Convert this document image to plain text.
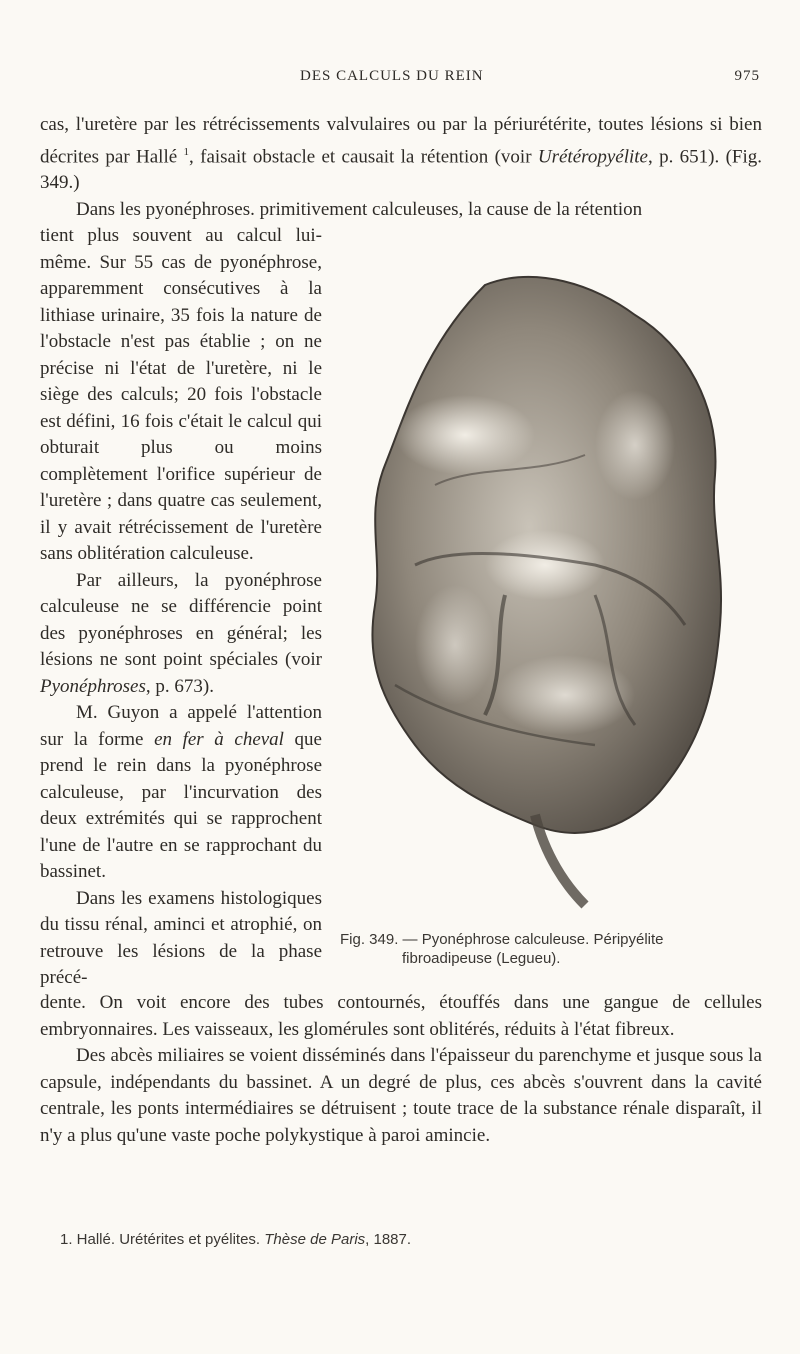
DES CALCULS DU REIN	975

cas, l'uretère par les rétrécissements valvulaires ou par la périurétérite, toutes lésions si bien décrites par Hallé $^1$, faisait obstacle et causait la rétention (voir Urétéropyélite, p. 651). (Fig. 349.)

Dans les pyonéphroses. primitivement calculeuses, la cause de la rétention

tient plus souvent au calcul lui-même. Sur 55 cas de pyonéphrose, apparemment consécutives à la lithiase urinaire, 35 fois la nature de l'obstacle n'est pas établie ; on ne précise ni l'état de l'uretère, ni le siège des calculs; 20 fois l'obstacle est défini, 16 fois c'était le calcul qui obturait plus ou moins complètement l'orifice supérieur de l'uretère ; dans quatre cas seulement, il y avait rétrécissement de l'uretère sans oblitération calculeuse.

Par ailleurs, la pyonéphrose calculeuse ne se différencie point des pyonéphroses en général; les lésions ne sont point spéciales (voir Pyonéphroses, p. 673).

M. Guyon a appelé l'attention sur la forme en fer à cheval que prend le rein dans la pyonéphrose calculeuse, par l'incurvation des deux extrémités qui se rapprochent l'une de l'autre en se rapprochant du bassinet.

Dans les examens histologiques du tissu rénal, aminci et atrophié, on retrouve les lésions de la phase précé-

Fig. 349. — Pyonéphrose calculeuse. Péripyélite
fibroadipeuse (Legueu).

dente. On voit encore des tubes contournés, étouffés dans une gangue de cellules embryonnaires. Les vaisseaux, les glomérules sont oblitérés, réduits à l'état fibreux.

Des abcès miliaires se voient disséminés dans l'épaisseur du parenchyme et jusque sous la capsule, indépendants du bassinet. A un degré de plus, ces abcès s'ouvrent dans la cavité centrale, les ponts intermédiaires se détruisent ; toute trace de la substance rénale disparaît, il n'y a plus qu'une vaste poche polykystique à paroi amincie.

1. Hallé. Urétérites et pyélites. Thèse de Paris, 1887.
